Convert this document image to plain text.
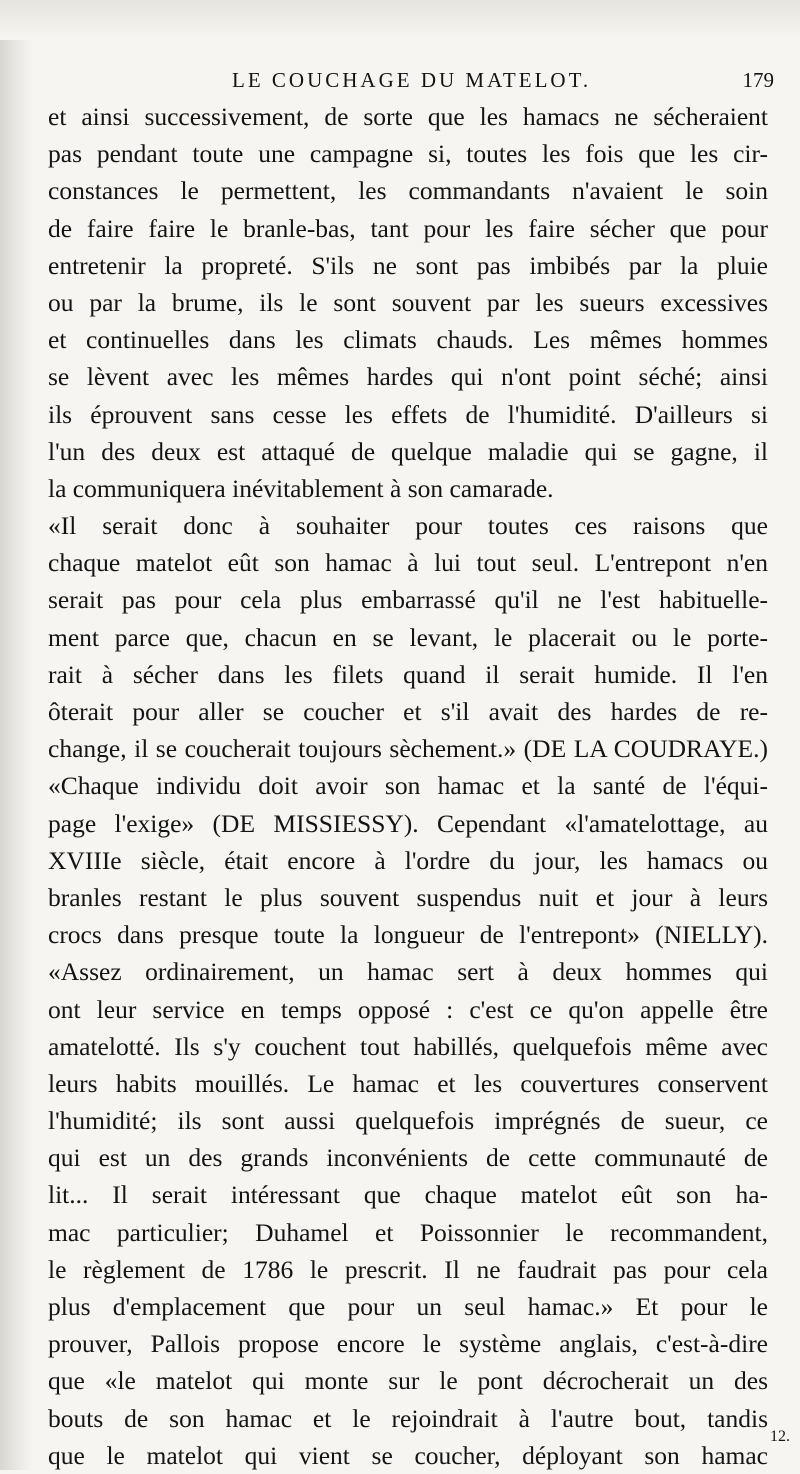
LE COUCHAGE DU MATELOT.	179
et ainsi successivement, de sorte que les hamacs ne sécheraient
pas pendant toute une campagne si, toutes les fois que les cir-
constances le permettent, les commandants n'avaient le soin
de faire faire le branle-bas, tant pour les faire sécher que pour
entretenir la propreté. S'ils ne sont pas imbibés par la pluie
ou par la brume, ils le sont souvent par les sueurs excessives
et continuelles dans les climats chauds. Les mêmes hommes
se lèvent avec les mêmes hardes qui n'ont point séché; ainsi
ils éprouvent sans cesse les effets de l'humidité. D'ailleurs si
l'un des deux est attaqué de quelque maladie qui se gagne, il
la communiquera inévitablement à son camarade.
«Il serait donc à souhaiter pour toutes ces raisons que
chaque matelot eût son hamac à lui tout seul. L'entrepont n'en
serait pas pour cela plus embarrassé qu'il ne l'est habituelle-
ment parce que, chacun en se levant, le placerait ou le porte-
rait à sécher dans les filets quand il serait humide. Il l'en
ôterait pour aller se coucher et s'il avait des hardes de re-
change, il se coucherait toujours sèchement.» (DE LA COUDRAYE.)
«Chaque individu doit avoir son hamac et la santé de l'équi-
page l'exige» (DE MISSIESSY). Cependant «l'amatelottage, au
XVIIIe siècle, était encore à l'ordre du jour, les hamacs ou
branles restant le plus souvent suspendus nuit et jour à leurs
crocs dans presque toute la longueur de l'entrepont» (NIELLY).
«Assez ordinairement, un hamac sert à deux hommes qui
ont leur service en temps opposé : c'est ce qu'on appelle être
amatelotté. Ils s'y couchent tout habillés, quelquefois même avec
leurs habits mouillés. Le hamac et les couvertures conservent
l'humidité; ils sont aussi quelquefois imprégnés de sueur, ce
qui est un des grands inconvénients de cette communauté de
lit... Il serait intéressant que chaque matelot eût son ha-
mac particulier; Duhamel et Poissonnier le recommandent,
le règlement de 1786 le prescrit. Il ne faudrait pas pour cela
plus d'emplacement que pour un seul hamac.» Et pour le
prouver, Pallois propose encore le système anglais, c'est-à-dire
que «le matelot qui monte sur le pont décrocherait un des
bouts de son hamac et le rejoindrait à l'autre bout, tandis
que le matelot qui vient se coucher, déployant son hamac
12.
